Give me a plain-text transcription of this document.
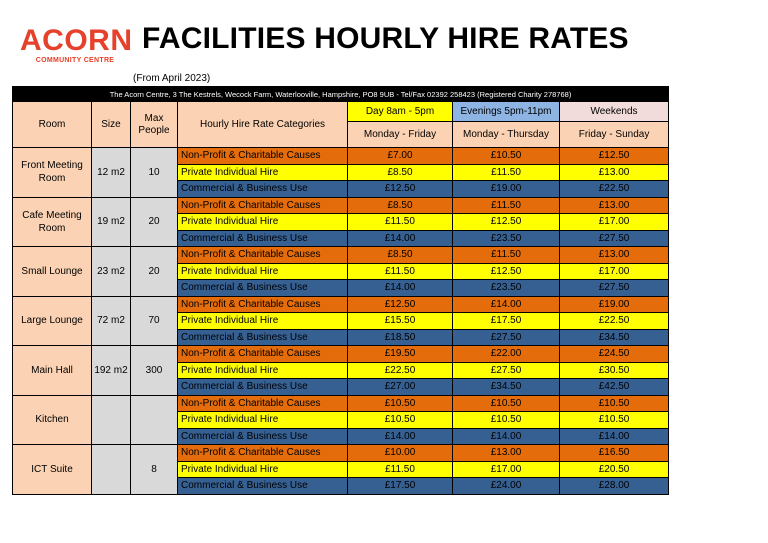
ACORN
COMMUNITY CENTRE
FACILITIES HOURLY HIRE RATES
(From April 2023)
The Acorn Centre, 3 The Kestrels, Wecock Farm, Waterlooville, Hampshire, PO8 9UB - Tel/Fax 02392 258423 (Registered Charity 278768)						
Room	Size	Max People	Hourly Hire Rate Categories	Day 8am - 5pm	Evenings 5pm-11pm	Weekends
				Monday - Friday	Monday - Thursday	Friday - Sunday
Front Meeting Room	12 m2	10	Non-Profit & Charitable Causes	£7.00	£10.50	£12.50
			Private Individual Hire	£8.50	£11.50	£13.00
			Commercial & Business Use	£12.50	£19.00	£22.50
Cafe Meeting Room	19 m2	20	Non-Profit & Charitable Causes	£8.50	£11.50	£13.00
			Private Individual Hire	£11.50	£12.50	£17.00
			Commercial & Business Use	£14.00	£23.50	£27.50
Small Lounge	23 m2	20	Non-Profit & Charitable Causes	£8.50	£11.50	£13.00
			Private Individual Hire	£11.50	£12.50	£17.00
			Commercial & Business Use	£14.00	£23.50	£27.50
Large Lounge	72 m2	70	Non-Profit & Charitable Causes	£12.50	£14.00	£19.00
			Private Individual Hire	£15.50	£17.50	£22.50
			Commercial & Business Use	£18.50	£27.50	£34.50
Main Hall	192 m2	300	Non-Profit & Charitable Causes	£19.50	£22.00	£24.50
			Private Individual Hire	£22.50	£27.50	£30.50
			Commercial & Business Use	£27.00	£34.50	£42.50
Kitchen			Non-Profit & Charitable Causes	£10.50	£10.50	£10.50
			Private Individual Hire	£10.50	£10.50	£10.50
			Commercial & Business Use	£14.00	£14.00	£14.00
ICT Suite		8	Non-Profit & Charitable Causes	£10.00	£13.00	£16.50
			Private Individual Hire	£11.50	£17.00	£20.50
			Commercial & Business Use	£17.50	£24.00	£28.00
